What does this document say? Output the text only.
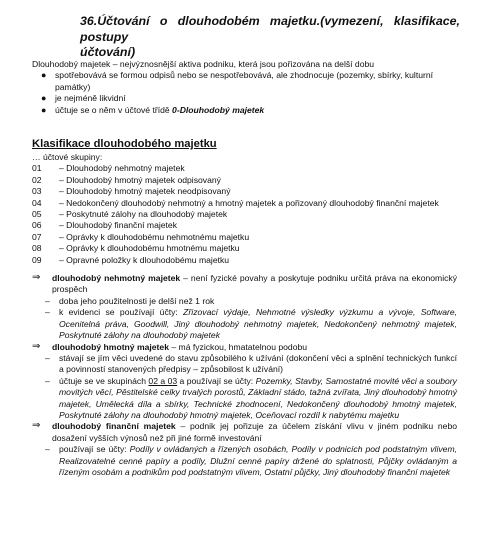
36.Účtování o dlouhodobém majetku.(vymezení, klasifikace, postupy
účtování)
Dlouhodobý majetek – nejvýznosnější aktiva podniku, která jsou pořizována na delší dobu
● spotřebovává se formou odpisů nebo se nespotřebovává, ale zhodnocuje (pozemky, sbírky, kulturní památky)
● je nejméně likvidní
● účtuje se o něm v účtové třídě 0-Dlouhodobý majetek
Klasifikace dlouhodobého majetku
… účtové skupiny:
01 – Dlouhodobý nehmotný majetek
02 – Dlouhodobý hmotný majetek odpisovaný
03 – Dlouhodobý hmotný majetek neodpisovaný
04 – Nedokončený dlouhodobý nehmotný a hmotný majetek a pořizovaný dlouhodobý finanční majetek
05 – Poskytnuté zálohy na dlouhodobý majetek
06 – Dlouhodobý finanční majetek
07 – Oprávky k dlouhodobému nehmotnému majetku
08 – Oprávky k dlouhodobému hmotnému majetku
09 – Opravné položky k dlouhodobému majetku
⇒ dlouhodobý nehmotný majetek – není fyzické povahy a poskytuje podniku určitá práva na ekonomický prospěch
– doba jeho použitelnosti je delší než 1 rok
– k evidenci se používají účty: Zřizovací výdaje, Nehmotné výsledky výzkumu a vývoje, Software, Ocenitelná práva, Goodwill, Jiný dlouhodobý nehmotný majetek, Nedokončený nehmotný majetek, Poskytnuté zálohy na dlouhodobý majetek
⇒ dlouhodobý hmotný majetek – má fyzickou, hmatatelnou podobu
– stávají se jím věci uvedené do stavu způsobilého k užívání (dokončení věci a splnění technických funkcí a povinností stanovených předpisy – způsobilost k užívání)
– účtuje se ve skupinách 02 a 03 a používají se účty: Pozemky, Stavby, Samostatné movité věci a soubory movitých věcí, Pěstitelské celky trvalých porostů, Základní stádo, tažná zvířata, Jiný dlouhodobý hmotný majetek, Umělecká díla a sbírky, Technické zhodnocení, Nedokončený dlouhodobý hmotný majetek, Poskytnuté zálohy na dlouhodobý hmotný majetek, Oceňovací rozdíl k nabytému majetku
⇒ dlouhodobý finanční majetek – podnik jej pořizuje za účelem získání vlivu v jiném podniku nebo dosažení vyšších výnosů než při jiné formě investování
– používají se účty: Podíly v ovládaných a řízených osobách, Podíly v podnicích pod podstatným vlivem, Realizovatelné cenné papíry a podíly, Dlužní cenné papíry držené do splatnosti, Půjčky ovládaným a řízeným osobám a podnikům pod podstatným vlivem, Ostatní půjčky, Jiný dlouhodobý finanční majetek
